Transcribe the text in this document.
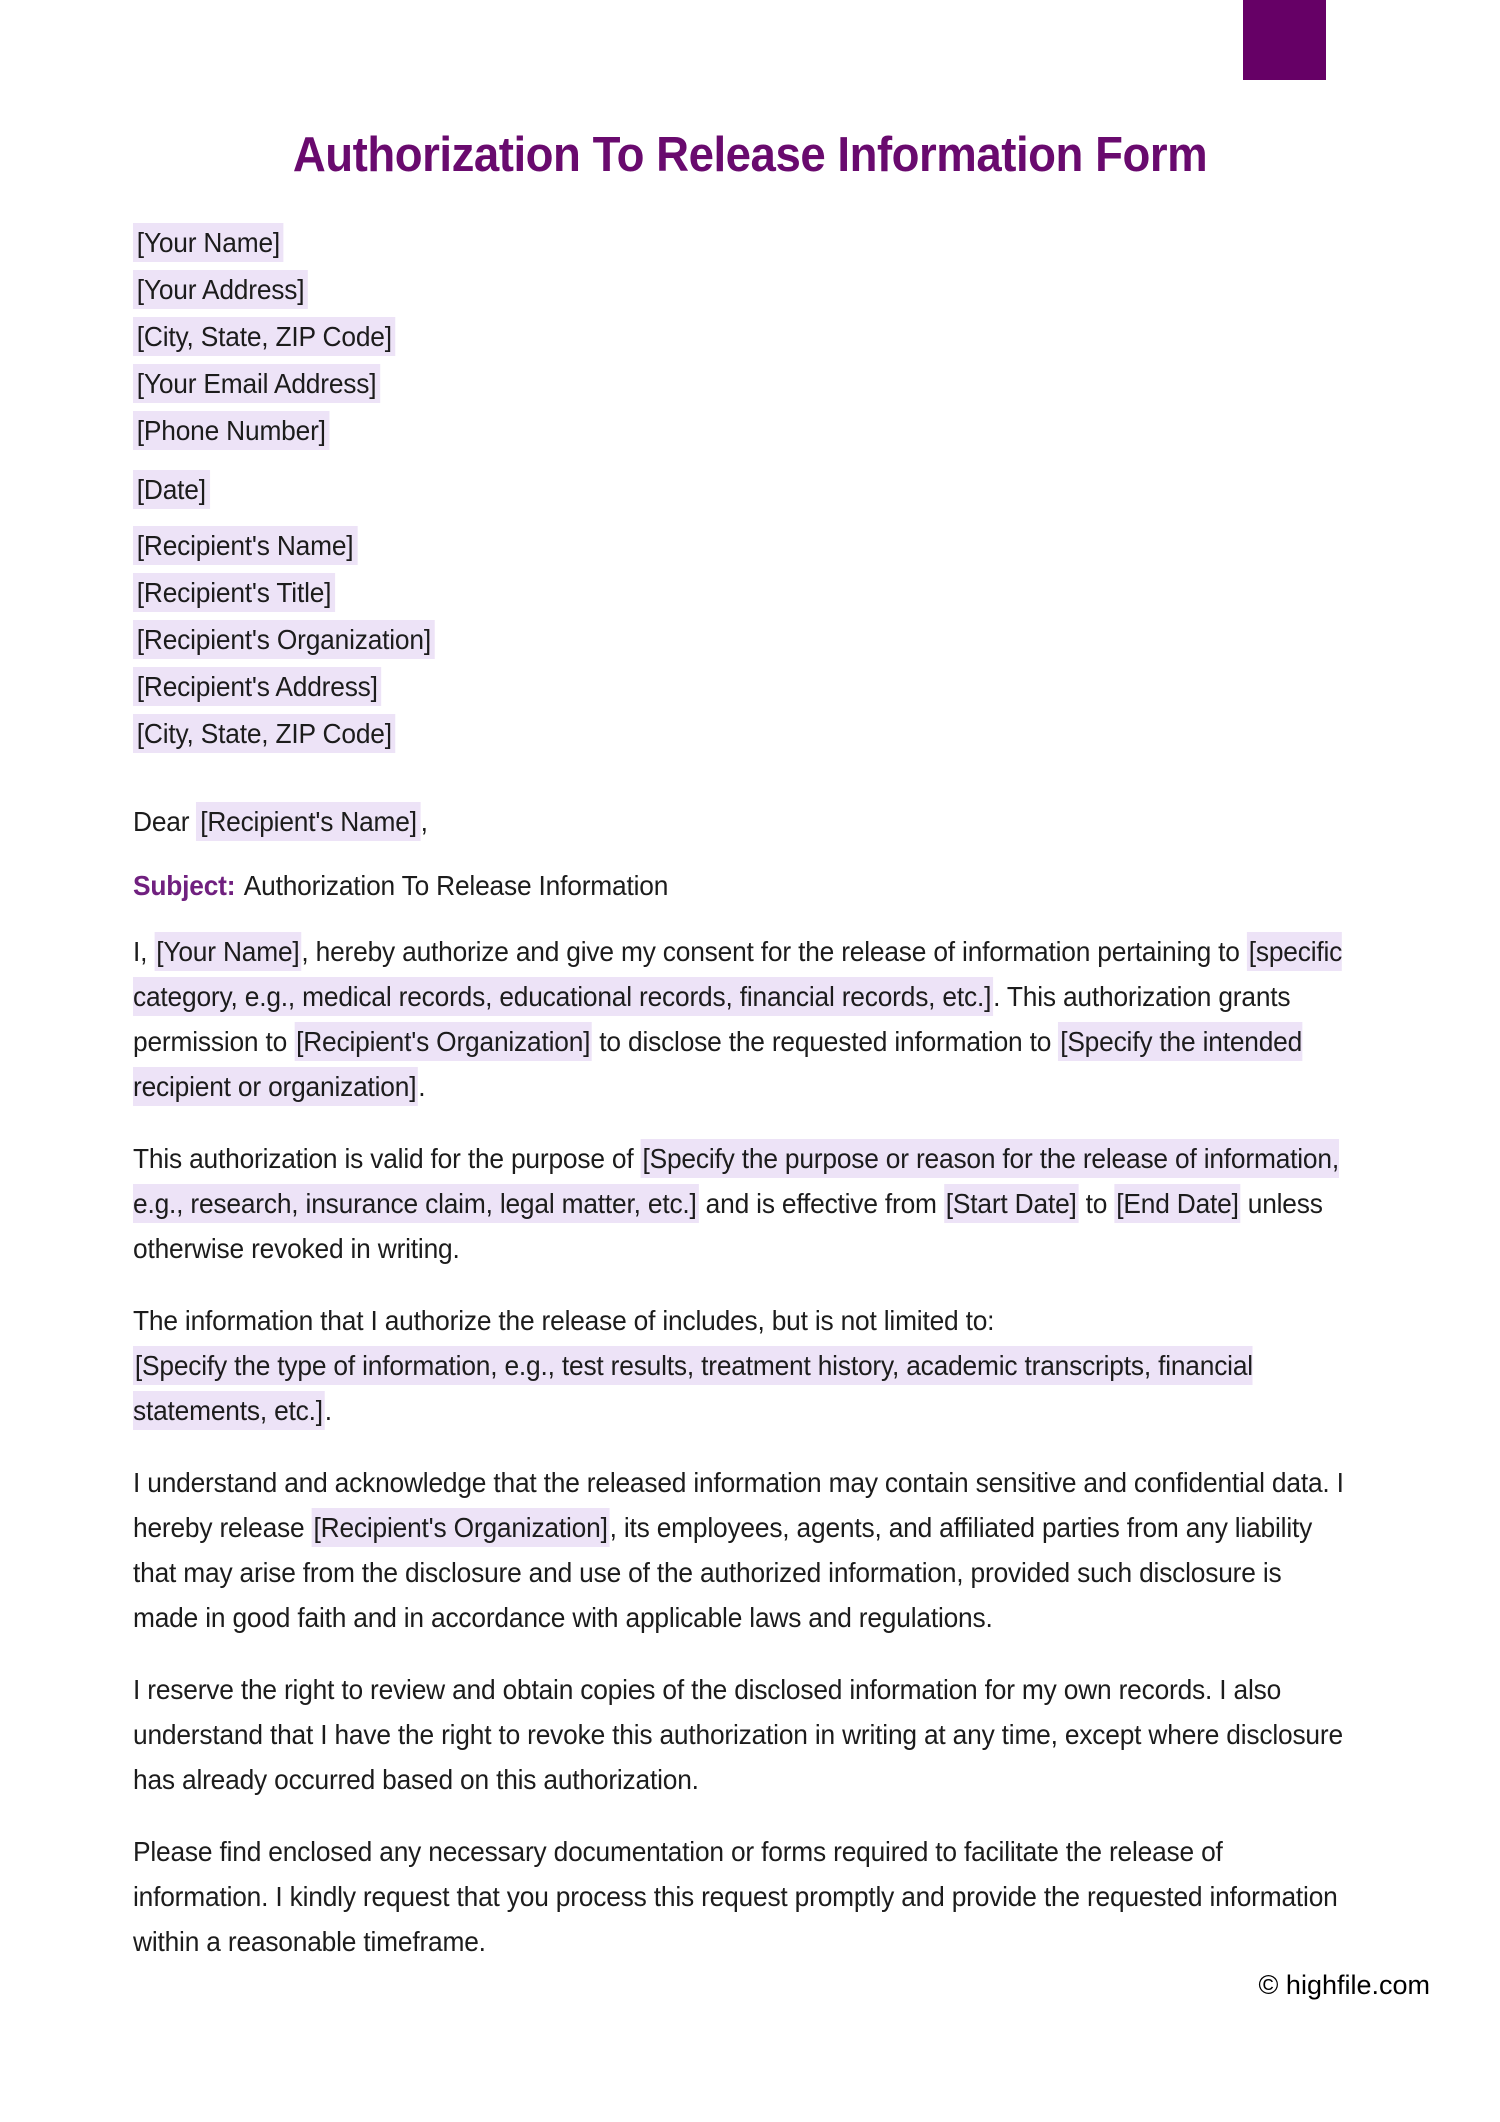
Authorization To Release Information Form
[Your Name]
[Your Address]
[City, State, ZIP Code]
[Your Email Address]
[Phone Number]
[Date]
[Recipient's Name]
[Recipient's Title]
[Recipient's Organization]
[Recipient's Address]
[City, State, ZIP Code]

Dear [Recipient's Name] ,

Subject: Authorization To Release Information

I, [Your Name], hereby authorize and give my consent for the release of information pertaining to [specific category, e.g., medical records, educational records, financial records, etc.]. This authorization grants permission to [Recipient's Organization] to disclose the requested information to [Specify the intended recipient or organization].

This authorization is valid for the purpose of [Specify the purpose or reason for the release of information, e.g., research, insurance claim, legal matter, etc.] and is effective from [Start Date] to [End Date] unless otherwise revoked in writing.

The information that I authorize the release of includes, but is not limited to:
[Specify the type of information, e.g., test results, treatment history, academic transcripts, financial statements, etc.].

I understand and acknowledge that the released information may contain sensitive and confidential data. I hereby release [Recipient's Organization], its employees, agents, and affiliated parties from any liability that may arise from the disclosure and use of the authorized information, provided such disclosure is made in good faith and in accordance with applicable laws and regulations.

I reserve the right to review and obtain copies of the disclosed information for my own records. I also understand that I have the right to revoke this authorization in writing at any time, except where disclosure has already occurred based on this authorization.

Please find enclosed any necessary documentation or forms required to facilitate the release of information. I kindly request that you process this request promptly and provide the requested information within a reasonable timeframe.

© highfile.com
